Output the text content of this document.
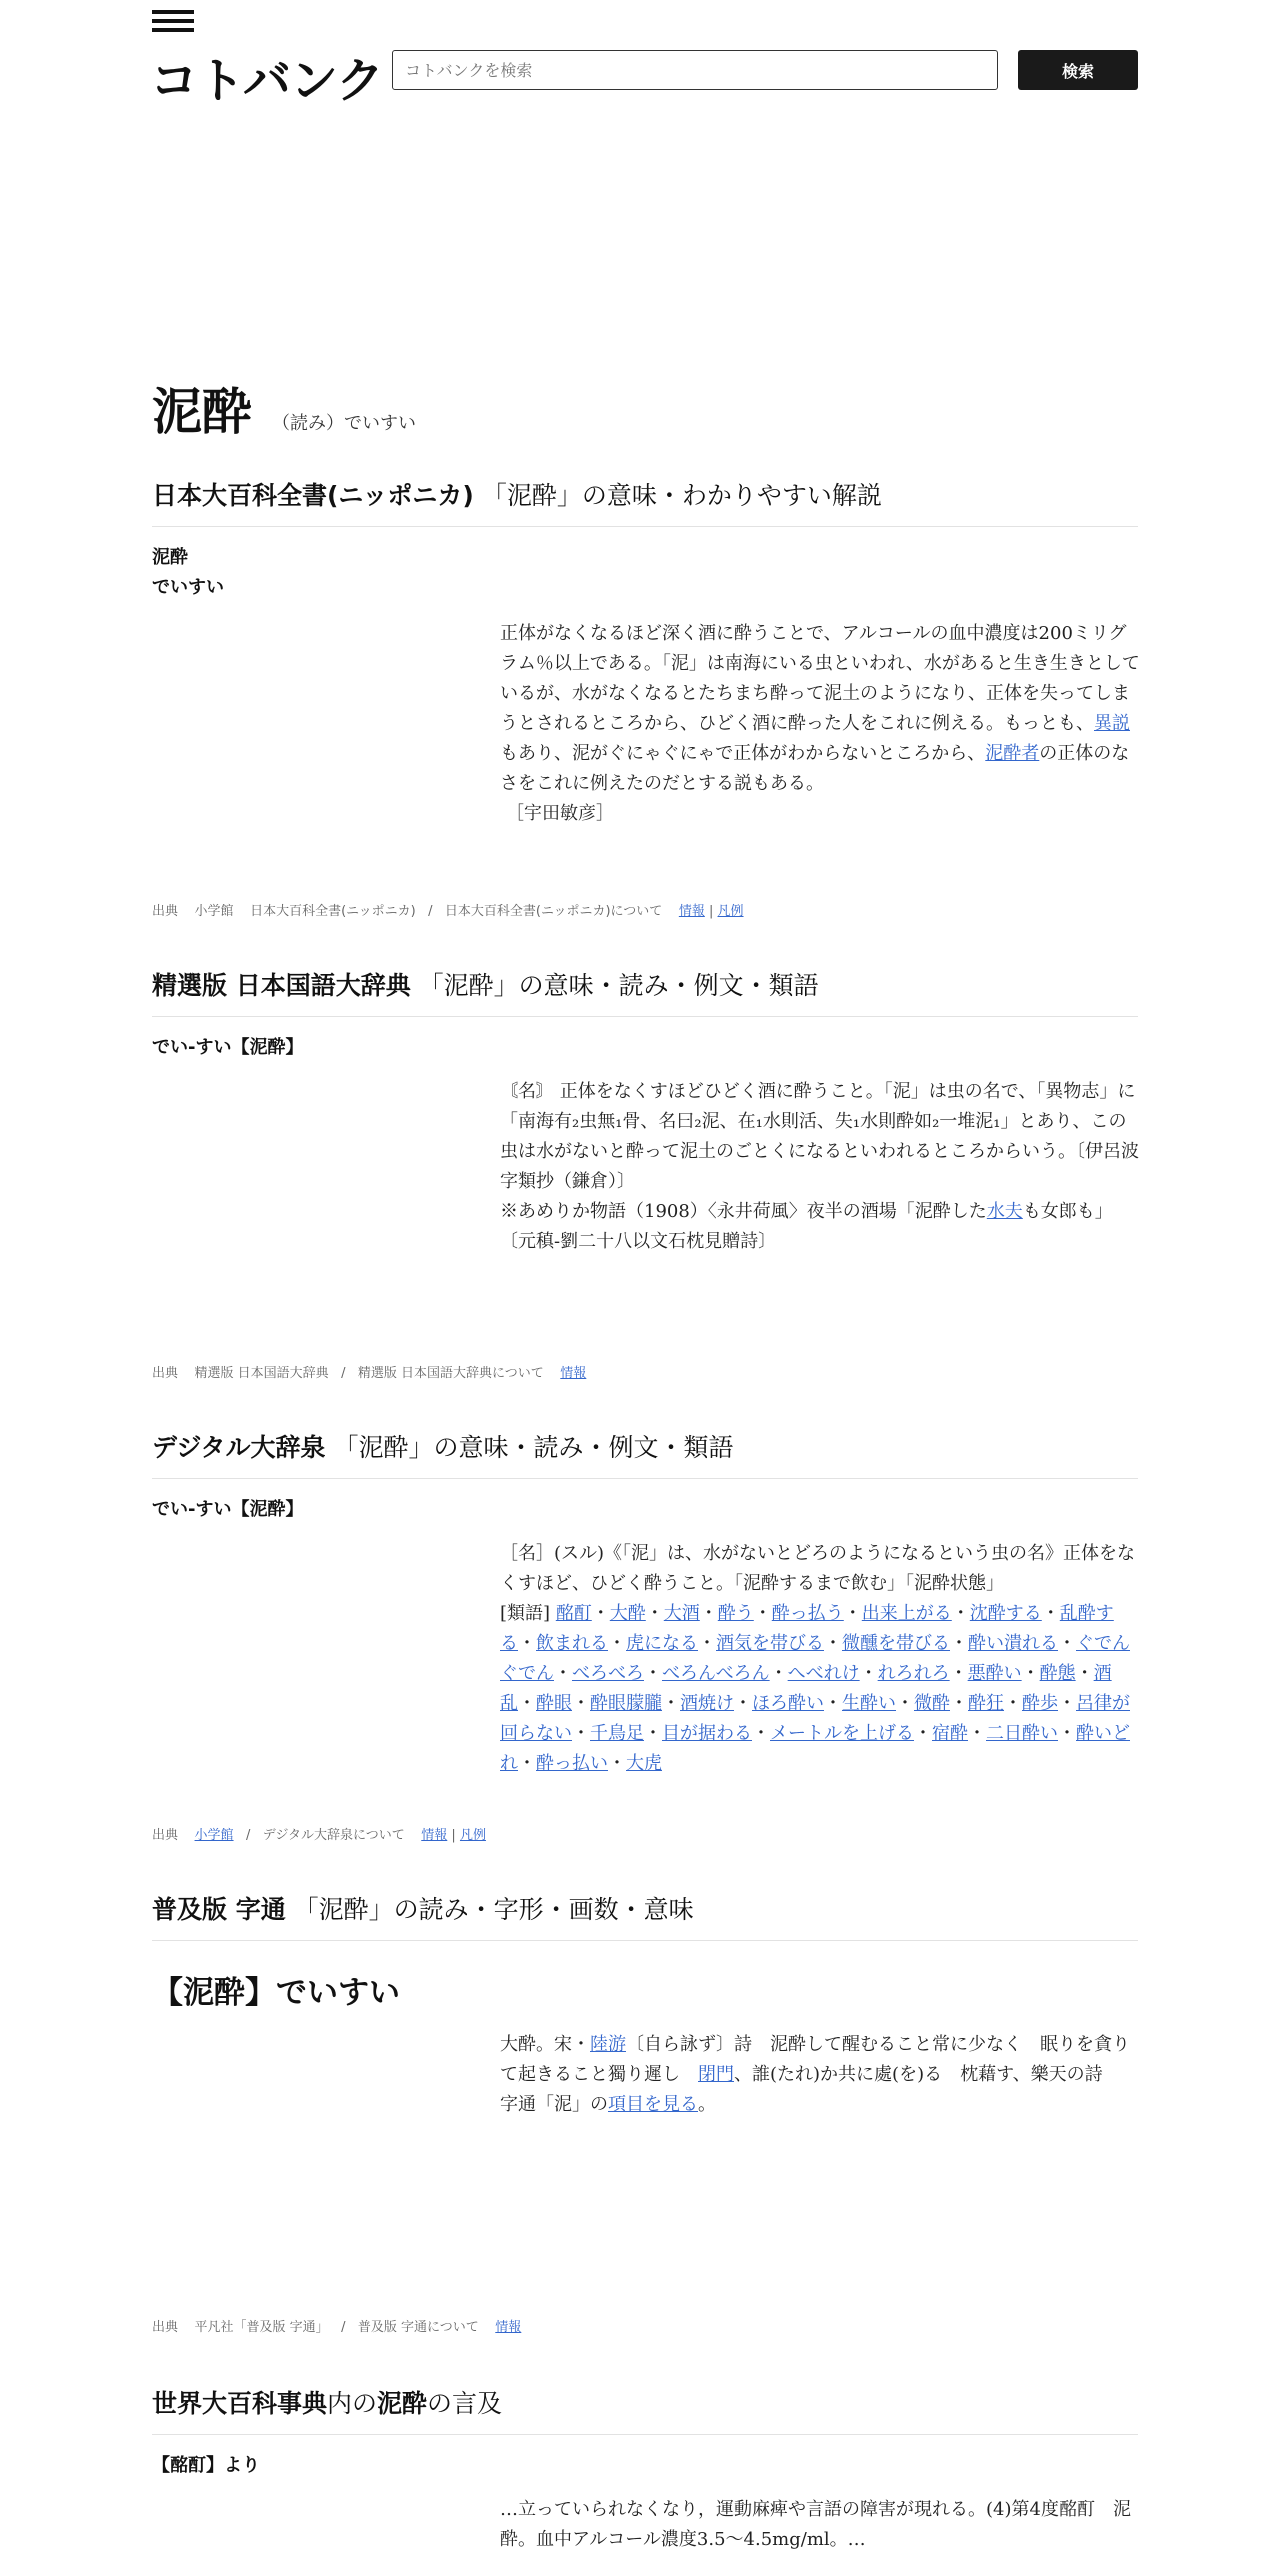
コトバンク
コトバンクを検索	検索
泥酔 （読み）でいすい
日本大百科全書(ニッポニカ) 「泥酔」の意味・わかりやすい解説
泥酔
でいすい

正体がなくなるほど深く酒に酔うことで、アルコールの血中濃度は200ミリグラム％以上である。「泥」は南海にいる虫といわれ、水があると生き生きとしているが、水がなくなるとたちまち酔って泥土のようになり、正体を失ってしまうとされるところから、ひどく酒に酔った人をこれに例える。もっとも、異説もあり、泥がぐにゃぐにゃで正体がわからないところから、泥酔者の正体のなさをこれに例えたのだとする説もある。

［宇田敏彦］

出典 小学館 日本大百科全書(ニッポニカ) / 日本大百科全書(ニッポニカ)について 情報 | 凡例
精選版 日本国語大辞典 「泥酔」の意味・読み・例文・類語
でい‐すい【泥酔】

〘名〙 正体をなくすほどひどく酒に酔うこと。「泥」は虫の名で、「異物志」に「南海有₂虫無₁骨、名曰₂泥、在₁水則活、失₁水則酔如₂一堆泥₁」とあり、この虫は水がないと酔って泥土のごとくになるといわれるところからいう。〔伊呂波字類抄（鎌倉）〕

※あめりか物語（1908）〈永井荷風〉夜半の酒場「泥酔した水夫も女郎も」

〔元稹‐劉二十八以文石枕見贈詩〕

出典 精選版 日本国語大辞典 / 精選版 日本国語大辞典について 情報
デジタル大辞泉 「泥酔」の意味・読み・例文・類語
でい‐すい【泥酔】

［名］(スル)《「泥」は、水がないとどろのようになるという虫の名》正体をなくすほど、ひどく酔うこと。「泥酔するまで飲む」「泥酔状態」

[類語] 酩酊・大酔・大酒・酔う・酔っ払う・出来上がる・沈酔する・乱酔する・飲まれる・虎になる・酒気を帯びる・微醺を帯びる・酔い潰れる・ぐでんぐでん・べろべろ・べろんべろん・へべれけ・れろれろ・悪酔い・酔態・酒乱・酔眼・酔眼朦朧・酒焼け・ほろ酔い・生酔い・微酔・酔狂・酔歩・呂律が回らない・千鳥足・目が据わる・メートルを上げる・宿酔・二日酔い・酔いどれ・酔っ払い・大虎

出典 小学館 / デジタル大辞泉について 情報 | 凡例
普及版 字通 「泥酔」の読み・字形・画数・意味
【泥酔】でいすい

大酔。宋・陸游〔自ら詠ず〕詩　泥酔して醒むること常に少なく　眠りを貪りて起きること獨り遲し　閉門、誰(たれ)か共に處(を)る　枕藉す、樂天の詩

字通「泥」の項目を見る。

出典 平凡社「普及版 字通」 / 普及版 字通について 情報
世界大百科事典内の泥酔の言及
【酩酊】より

…立っていられなくなり，運動麻痺や言語の障害が現れる。(4)第4度酩酊　泥酔。血中アルコール濃度3.5～4.5mg/ml。…
